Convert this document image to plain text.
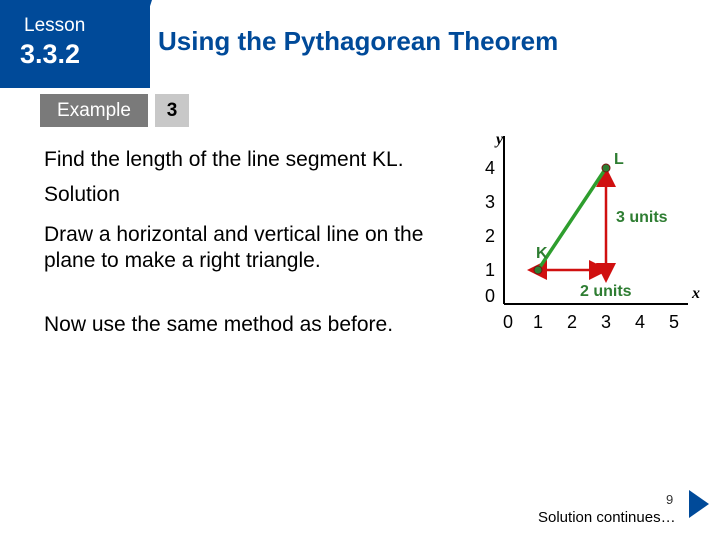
Lesson
3.3.2	Using the Pythagorean Theorem
Example	3
Find the length of the line segment KL.
Solution
Draw a horizontal and vertical line on the plane to make a right triangle.
Now use the same method as before.
y
x
0 1 2 3 4 5
0
1
2
3
4
K
L
2 units
3 units
9
Solution continues…
